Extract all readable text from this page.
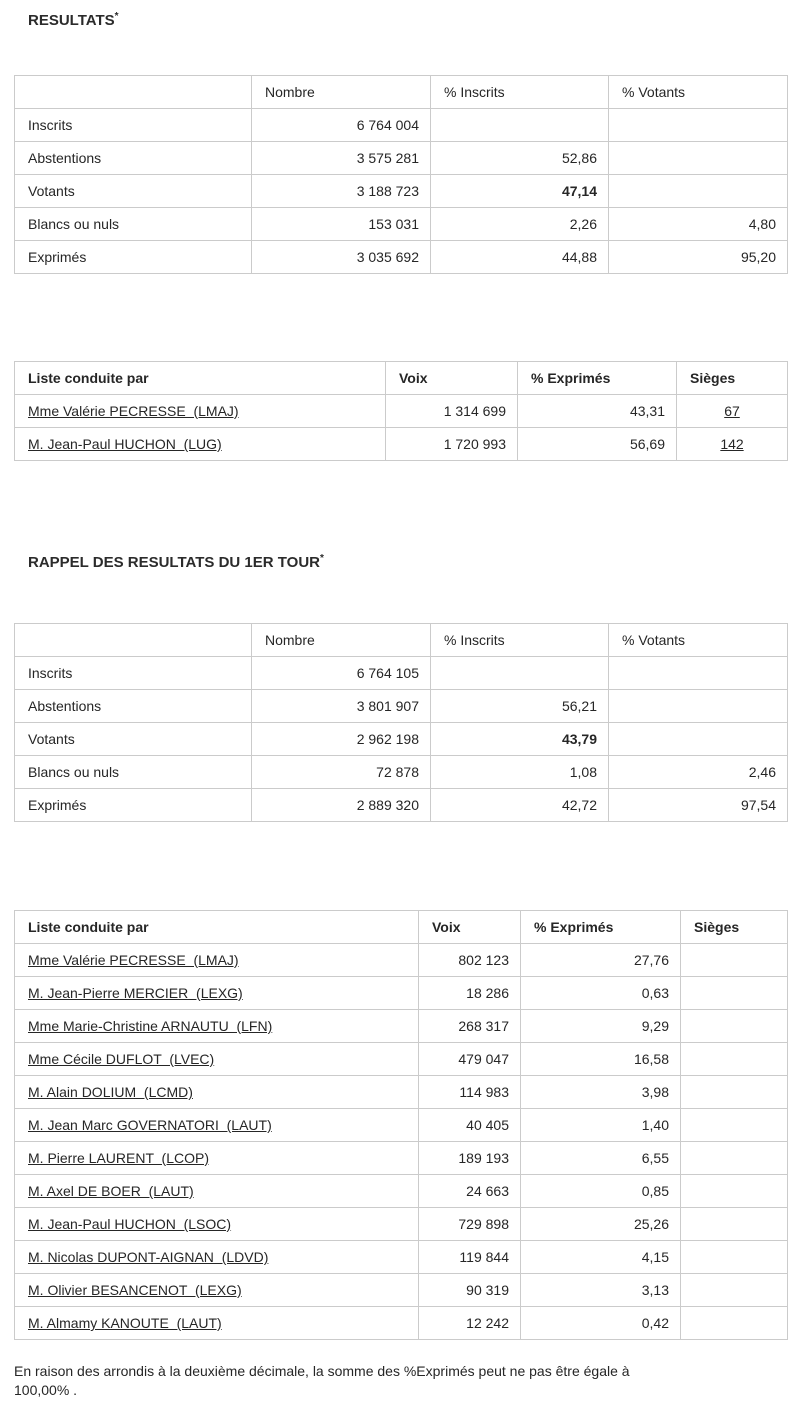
RESULTATS*
	Nombre	% Inscrits	% Votants
Inscrits	6 764 004		
Abstentions	3 575 281	52,86	
Votants	3 188 723	47,14	
Blancs ou nuls	153 031	2,26	4,80
Exprimés	3 035 692	44,88	95,20
Liste conduite par	Voix	% Exprimés	Sièges
Mme Valérie PECRESSE  (LMAJ)	1 314 699	43,31	67
M. Jean-Paul HUCHON  (LUG)	1 720 993	56,69	142
RAPPEL DES RESULTATS DU 1ER TOUR*
	Nombre	% Inscrits	% Votants
Inscrits	6 764 105		
Abstentions	3 801 907	56,21	
Votants	2 962 198	43,79	
Blancs ou nuls	72 878	1,08	2,46
Exprimés	2 889 320	42,72	97,54
Liste conduite par	Voix	% Exprimés	Sièges
Mme Valérie PECRESSE  (LMAJ)	802 123	27,76	
M. Jean-Pierre MERCIER  (LEXG)	18 286	0,63	
Mme Marie-Christine ARNAUTU  (LFN)	268 317	9,29	
Mme Cécile DUFLOT  (LVEC)	479 047	16,58	
M. Alain DOLIUM  (LCMD)	114 983	3,98	
M. Jean Marc GOVERNATORI  (LAUT)	40 405	1,40	
M. Pierre LAURENT  (LCOP)	189 193	6,55	
M. Axel DE BOER  (LAUT)	24 663	0,85	
M. Jean-Paul HUCHON  (LSOC)	729 898	25,26	
M. Nicolas DUPONT-AIGNAN  (LDVD)	119 844	4,15	
M. Olivier BESANCENOT  (LEXG)	90 319	3,13	
M. Almamy KANOUTE  (LAUT)	12 242	0,42	
En raison des arrondis à la deuxième décimale, la somme des %Exprimés peut ne pas être égale à
100,00% .
